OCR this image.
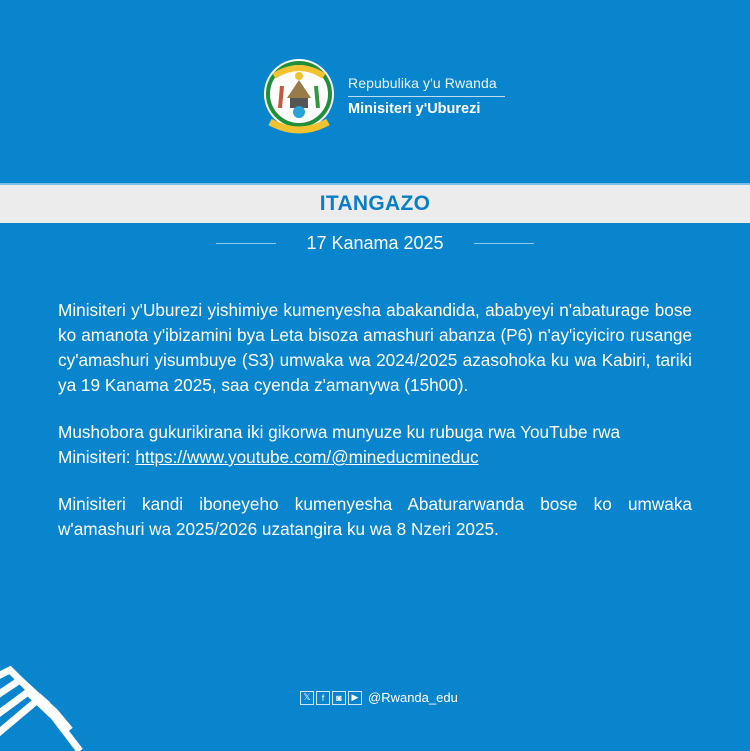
Repubulika y'u Rwanda
Minisiteri y'Uburezi
ITANGAZO
17 Kanama 2025

Minisiteri y'Uburezi yishimiye kumenyesha abakandida, ababyeyi n'abaturage bose ko amanota y'ibizamini bya Leta bisoza amashuri abanza (P6) n'ay'icyiciro rusange cy'amashuri yisumbuye (S3) umwaka wa 2024/2025 azasohoka ku wa Kabiri, tariki ya 19 Kanama 2025, saa cyenda z'amanywa (15h00).

Mushobora gukurikirana iki gikorwa munyuze ku rubuga rwa YouTube rwa Minisiteri: https://www.youtube.com/@mineducmineduc

Minisiteri kandi iboneyeho kumenyesha Abaturarwanda bose ko umwaka w'amashuri wa 2025/2026 uzatangira ku wa 8 Nzeri 2025.

𝕏	f	◙	▶ @Rwanda_edu
